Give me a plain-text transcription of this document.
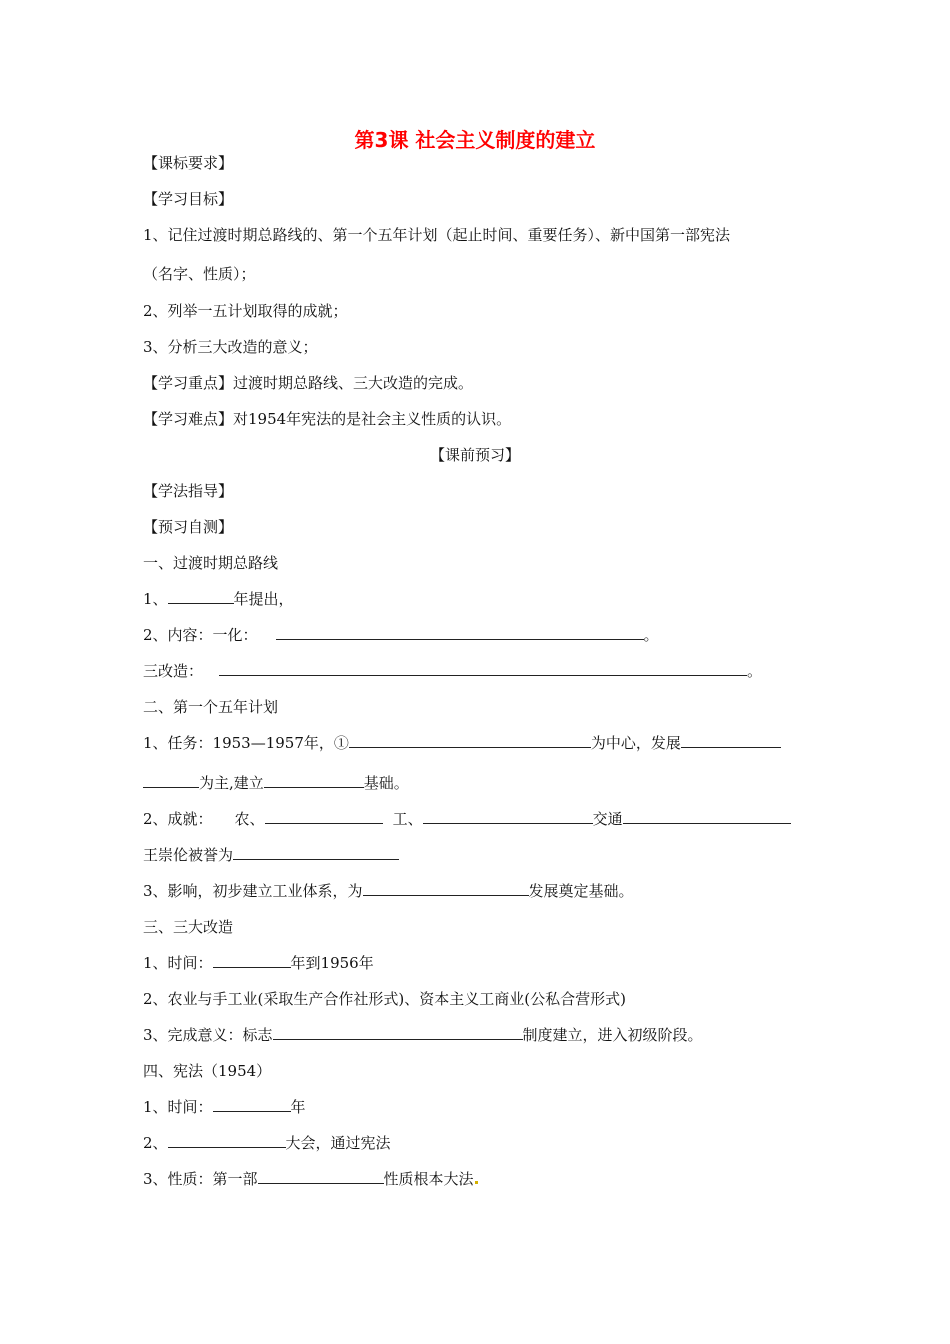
第3课 社会主义制度的建立
【课标要求】
【学习目标】
1、记住过渡时期总路线的、第一个五年计划（起止时间、重要任务）、新中国第一部宪法
（名字、性质）；
2、列举一五计划取得的成就；
3、分析三大改造的意义；
【学习重点】过渡时期总路线、三大改造的完成。
【学习难点】对1954年宪法的是社会主义性质的认识。
【课前预习】
【学法指导】
【预习自测】
一、过渡时期总路线
1、	年提出，
2、内容：一化：	。
三改造：	。
二、第一个五年计划
1、任务：1953—1957年，①	为中心，发展
为主,建立	基础。
2、成就： 农、	工、	交通
王崇伦被誉为
3、影响，初步建立工业体系，为	发展奠定基础。
三、三大改造
1、时间：	年到1956年
2、农业与手工业(采取生产合作社形式)、资本主义工商业(公私合营形式)
3、完成意义：标志	制度建立，进入初级阶段。
四、宪法（1954）
1、时间：	年
2、	大会，通过宪法
3、性质：第一部	性质根本大法
